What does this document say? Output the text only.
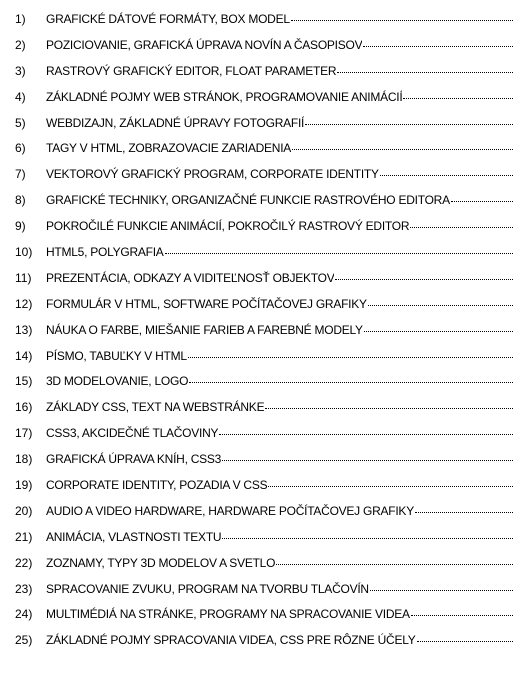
1)	GRAFICKÉ DÁTOVÉ FORMÁTY, BOX MODEL
2)	POZICIOVANIE, GRAFICKÁ ÚPRAVA NOVÍN A ČASOPISOV
3)	RASTROVÝ GRAFICKÝ EDITOR, FLOAT PARAMETER
4)	ZÁKLADNÉ POJMY WEB STRÁNOK, PROGRAMOVANIE ANIMÁCIÍ
5)	WEBDIZAJN, ZÁKLADNÉ ÚPRAVY FOTOGRAFIÍ
6)	TAGY V HTML, ZOBRAZOVACIE ZARIADENIA
7)	VEKTOROVÝ GRAFICKÝ PROGRAM, CORPORATE IDENTITY
8)	GRAFICKÉ TECHNIKY, ORGANIZAČNÉ FUNKCIE RASTROVÉHO EDITORA
9)	POKROČILÉ FUNKCIE ANIMÁCIÍ, POKROČILÝ RASTROVÝ EDITOR
10)	HTML5, POLYGRAFIA
11)	PREZENTÁCIA, ODKAZY A VIDITEĽNOSŤ OBJEKTOV
12)	FORMULÁR V HTML, SOFTWARE POČÍTAČOVEJ GRAFIKY
13)	NÁUKA O FARBE, MIEŠANIE FARIEB A FAREBNÉ MODELY
14)	PÍSMO, TABUĽKY V HTML
15)	3D MODELOVANIE, LOGO
16)	ZÁKLADY CSS, TEXT NA WEBSTRÁNKE
17)	CSS3, AKCIDEČNÉ TLAČOVINY
18)	GRAFICKÁ ÚPRAVA KNÍH, CSS3
19)	CORPORATE IDENTITY, POZADIA V CSS
20)	AUDIO A VIDEO HARDWARE, HARDWARE POČÍTAČOVEJ GRAFIKY
21)	ANIMÁCIA, VLASTNOSTI TEXTU
22)	ZOZNAMY, TYPY 3D MODELOV A SVETLO
23)	SPRACOVANIE ZVUKU, PROGRAM NA TVORBU TLAČOVÍN
24)	MULTIMÉDIÁ NA STRÁNKE, PROGRAMY NA SPRACOVANIE VIDEA
25)	ZÁKLADNÉ POJMY SPRACOVANIA VIDEA, CSS PRE RÔZNE ÚČELY
